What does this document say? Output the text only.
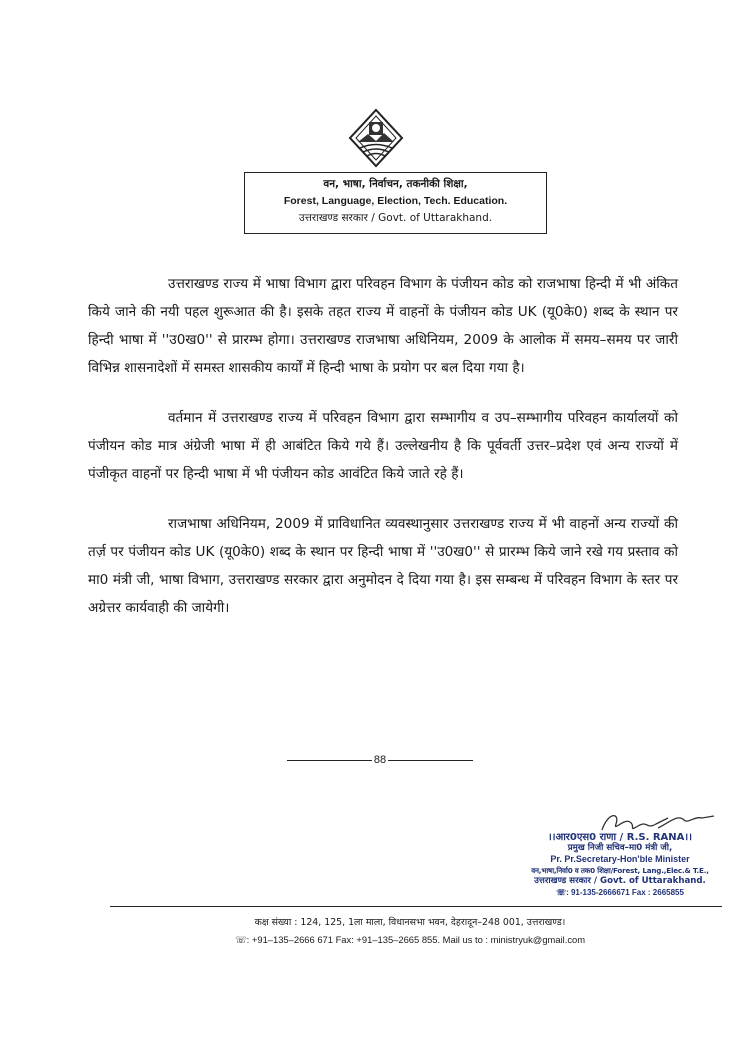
वन, भाषा, निर्वाचन, तकनीकी शिक्षा,
Forest, Language, Election, Tech. Education.
उत्तराखण्ड सरकार / Govt. of Uttarakhand.

उत्तराखण्ड राज्य में भाषा विभाग द्वारा परिवहन विभाग के पंजीयन कोड को राजभाषा हिन्दी में भी अंकित किये जाने की नयी पहल शुरूआत की है। इसके तहत राज्य में वाहनों के पंजीयन कोड UK (यू0के0) शब्द के स्थान पर हिन्दी भाषा में ''उ0ख0'' से प्रारम्भ होगा। उत्तराखण्ड राजभाषा अधिनियम, 2009 के आलोक में समय–समय पर जारी विभिन्न शासनादेशों में समस्त शासकीय कार्यों में हिन्दी भाषा के प्रयोग पर बल दिया गया है।

वर्तमान में उत्तराखण्ड राज्य में परिवहन विभाग द्वारा सम्भागीय व उप–सम्भागीय परिवहन कार्यालयों को पंजीयन कोड मात्र अंग्रेजी भाषा में ही आबंटित किये गये हैं। उल्लेखनीय है कि पूर्ववर्ती उत्तर–प्रदेश एवं अन्य राज्यों में पंजीकृत वाहनों पर हिन्दी भाषा में भी पंजीयन कोड आवंटित किये जाते रहे हैं।

राजभाषा अधिनियम, 2009 में प्राविधानित व्यवस्थानुसार उत्तराखण्ड राज्य में भी वाहनों अन्य राज्यों की तर्ज़ पर पंजीयन कोड UK (यू0के0) शब्द के स्थान पर हिन्दी भाषा में ''उ0ख0'' से प्रारम्भ किये जाने रखे गय प्रस्ताव को मा0 मंत्री जी, भाषा विभाग, उत्तराखण्ड सरकार द्वारा अनुमोदन दे दिया गया है। इस सम्बन्ध में परिवहन विभाग के स्तर पर अग्रेत्तर कार्यवाही की जायेगी।

88
।।आर0एस0 राणा / R.S. RANA।।
प्रमुख निजी सचिव–मा0 मंत्री जी,
Pr. Pr.Secretary-Hon'ble Minister
वन,भाषा,निर्वा0 व तक0 शिक्षा/Forest, Lang.,Elec.& T.E.,
उत्तराखण्ड सरकार / Govt. of Uttarakhand.
☏: 91-135-2666671 Fax : 2665855
कक्ष संख्या : 124, 125, 1ला माला, विधानसभा भवन, देहरादून–248 001, उत्तराखण्ड।
☏: +91–135–2666 671 Fax: +91–135–2665 855. Mail us to : ministryuk@gmail.com
